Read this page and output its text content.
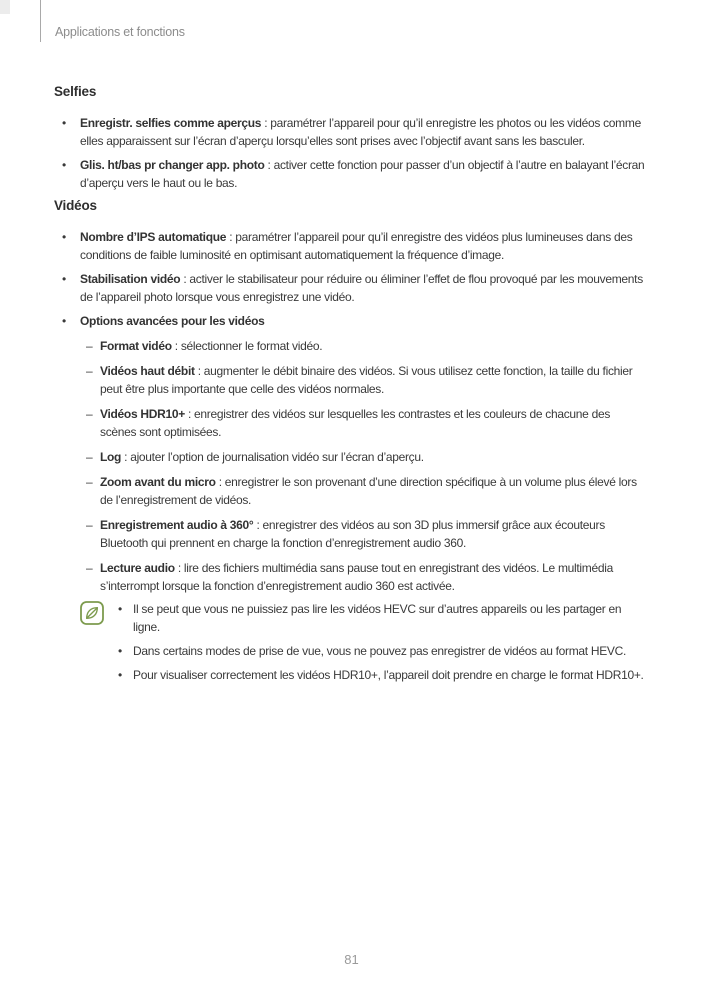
Applications et fonctions
Selfies
•	Enregistr. selfies comme aperçus : paramétrer l’appareil pour qu’il enregistre les photos ou les vidéos comme elles apparaissent sur l’écran d’aperçu lorsqu’elles sont prises avec l’objectif avant sans les basculer.

•	Glis. ht/bas pr changer app. photo : activer cette fonction pour passer d’un objectif à l’autre en balayant l’écran d’aperçu vers le haut ou le bas.

Vidéos
•	Nombre d’IPS automatique : paramétrer l’appareil pour qu’il enregistre des vidéos plus lumineuses dans des conditions de faible luminosité en optimisant automatiquement la fréquence d’image.

•	Stabilisation vidéo : activer le stabilisateur pour réduire ou éliminer l’effet de flou provoqué par les mouvements de l’appareil photo lorsque vous enregistrez une vidéo.

•	Options avancées pour les vidéos

– Format vidéo : sélectionner le format vidéo.

– Vidéos haut débit : augmenter le débit binaire des vidéos. Si vous utilisez cette fonction, la taille du fichier peut être plus importante que celle des vidéos normales.

– Vidéos HDR10+ : enregistrer des vidéos sur lesquelles les contrastes et les couleurs de chacune des scènes sont optimisées.

– Log : ajouter l’option de journalisation vidéo sur l’écran d’aperçu.

– Zoom avant du micro : enregistrer le son provenant d’une direction spécifique à un volume plus élevé lors de l’enregistrement de vidéos.

– Enregistrement audio à 360° : enregistrer des vidéos au son 3D plus immersif grâce aux écouteurs Bluetooth qui prennent en charge la fonction d’enregistrement audio 360.

– Lecture audio : lire des fichiers multimédia sans pause tout en enregistrant des vidéos. Le multimédia s’interrompt lorsque la fonction d’enregistrement audio 360 est activée.

• Il se peut que vous ne puissiez pas lire les vidéos HEVC sur d’autres appareils ou les partager en ligne.

• Dans certains modes de prise de vue, vous ne pouvez pas enregistrer de vidéos au format HEVC.

• Pour visualiser correctement les vidéos HDR10+, l’appareil doit prendre en charge le format HDR10+.

81
